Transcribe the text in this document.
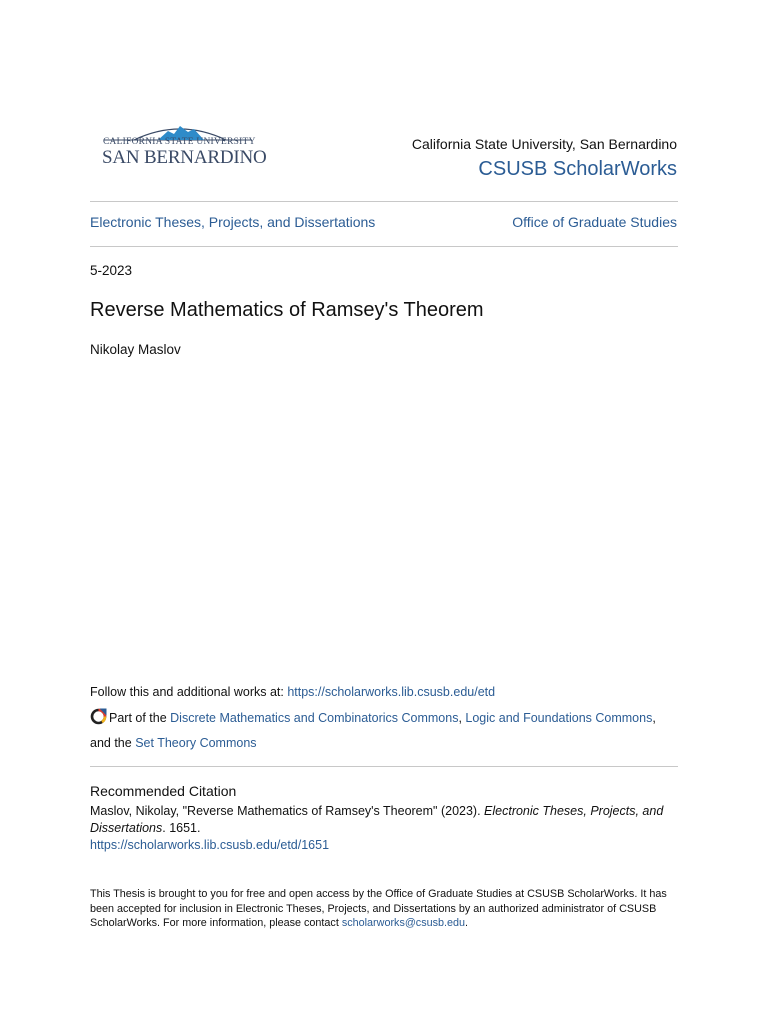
CALIFORNIA STATE UNIVERSITY
SAN BERNARDINO
California State University, San Bernardino
CSUSB ScholarWorks
Electronic Theses, Projects, and Dissertations	Office of Graduate Studies
5-2023
Reverse Mathematics of Ramsey's Theorem
Nikolay Maslov
Follow this and additional works at: https://scholarworks.lib.csusb.edu/etd
Part of the Discrete Mathematics and Combinatorics Commons, Logic and Foundations Commons,
and the Set Theory Commons
Recommended Citation
Maslov, Nikolay, "Reverse Mathematics of Ramsey's Theorem" (2023). Electronic Theses, Projects, and Dissertations. 1651.
https://scholarworks.lib.csusb.edu/etd/1651
This Thesis is brought to you for free and open access by the Office of Graduate Studies at CSUSB ScholarWorks. It has been accepted for inclusion in Electronic Theses, Projects, and Dissertations by an authorized administrator of CSUSB ScholarWorks. For more information, please contact scholarworks@csusb.edu.
